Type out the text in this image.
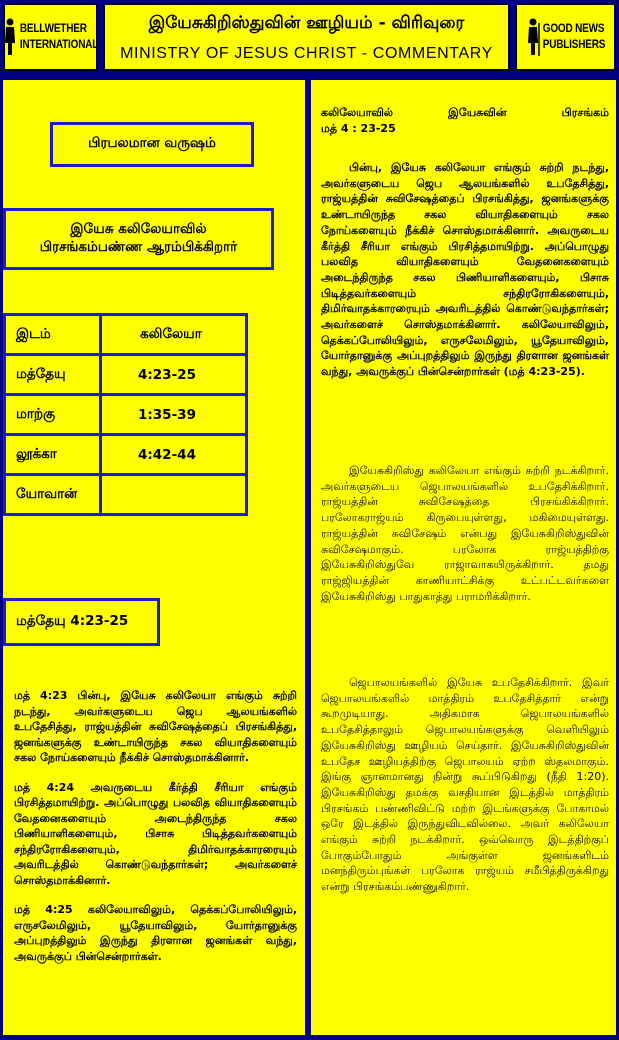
BELLWETHER
INTERNATIONAL
இயேசுகிறிஸ்துவின் ஊழியம் - விரிவுரை
MINISTRY OF JESUS CHRIST - COMMENTARY
GOOD NEWS
PUBLISHERS
பிரபலமான வருஷம்
இயேசு கலிலேயாவில்
பிரசங்கம்பண்ண ஆரம்பிக்கிறார்
இடம்	கலிலேயா
மத்தேயு	4:23-25
மாற்கு	1:35-39
லூக்கா	4:42-44
யோவான்	
மத்தேயு 4:23-25

மத் 4:23 பின்பு, இயேசு கலிலேயா எங்கும் சுற்றி நடந்து, அவர்களுடைய ஜெப ஆலயங்களில் உபதேசித்து, ராஜ்யத்தின் சுவிசேஷத்தைப் பிரசங்கித்து, ஜனங்களுக்கு உண்டாயிருந்த சகல வியாதிகளையும் சகல நோய்களையும் நீக்கிச் சொஸ்தமாக்கினார்.

மத் 4:24 அவருடைய கீர்த்தி சீரியா எங்கும் பிரசித்தமாயிற்று. அப்பொழுது பலவித வியாதிகளையும் வேதனைகளையும் அடைந்திருந்த சகல பிணியாளிகளையும், பிசாசு பிடித்தவர்களையும் சந்திரரோகிகளையும், திமிர்வாதக்காரரையும் அவரிடத்தில் கொண்டுவந்தார்கள்; அவர்களைச் சொஸ்தமாக்கினார்.

மத் 4:25 கலிலேயாவிலும், தெக்கப்போலியிலும், எருசலேமிலும், யூதேயாவிலும், யோர்தானுக்கு அப்புறத்திலும் இருந்து திரளான ஜனங்கள் வந்து, அவருக்குப் பின்சென்றார்கள்.

கலிலேயாவில் இயேசுவின் பிரசங்கம்
மத் 4 : 23-25

பின்பு, இயேசு கலிலேயா எங்கும் சுற்றி நடந்து, அவர்களுடைய ஜெப ஆலயங்களில் உபதேசித்து, ராஜ்யத்தின் சுவிசேஷத்தைப் பிரசங்கித்து, ஜனங்களுக்கு உண்டாயிருந்த சகல வியாதிகளையும் சகல நோய்களையும் நீக்கிச் சொஸ்தமாக்கினார். அவருடைய கீர்த்தி சீரியா எங்கும் பிரசித்தமாயிற்று. அப்பொழுது பலவித வியாதிகளையும் வேதனைகளையும் அடைந்திருந்த சகல பிணியாளிகளையும், பிசாசு பிடித்தவர்களையும் சந்திரரோகிகளையும், திமிர்வாதக்காரரையும் அவரிடத்தில் கொண்டுவந்தார்கள்; அவர்களைச் சொஸ்தமாக்கினார். கலிலேயாவிலும், தெக்கப்போலியிலும், எருசலேமிலும், யூதேயாவிலும், யோர்தானுக்கு அப்புறத்திலும் இருந்து திரளான ஜனங்கள் வந்து, அவருக்குப் பின்சென்றார்கள் (மத் 4:23-25).

இயேசுகிறிஸ்து கலிலேயா எங்கும் சுற்றி நடக்கிறார். அவர்களுடைய ஜெபாலயங்களில் உபதேசிக்கிறார். ராஜ்யத்தின் சுவிசேஷத்தை பிரசங்கிக்கிறார். பரலோகராஜ்யம் கிருபையுள்ளது, மகிமையுள்ளது. ராஜ்யத்தின் சுவிசேஷம் என்பது இயேசுகிறிஸ்துவின் சுவிசேஷமாகும். பரலோக ராஜ்யத்திற்கு இயேசுகிறிஸ்துவே ராஜாவாகயிருக்கிறார். தமது ராஜ்ஜியத்தின் காணியாட்சிக்கு உட்பட்டவர்களை இயேசுகிறிஸ்து பாதுகாத்து பராமரிக்கிறார்.

ஜெபாலயங்களில் இயேசு உபதேசிக்கிறார். இவர் ஜெபாலயங்களில் மாத்திரம் உபதேசித்தார் என்று கூறமுடியாது. அதிகமாக ஜெபாலயங்களில் உபதேசித்தாலும் ஜெபாலயங்களுக்கு வெளியிலும் இயேசுகிறிஸ்து ஊழியம் செய்தார். இயேசுகிறிஸ்துவின் உபதேச ஊழியத்திற்கு ஜெபாலயம் ஏற்ற ஸ்தலமாகும். இங்கு ஞானமானது நின்று கூப்பிடுகிறது (நீதி 1:20). இயேசுகிறிஸ்து தமக்கு வசதியான இடத்தில் மாத்திரம் பிரசங்கம் பண்ணிவிட்டு மற்ற இடங்களுக்கு போகாமல் ஒரே இடத்தில் இருந்துவிடவில்லை. அவர் கலிலேயா எங்கும் சுற்றி நடக்கிறார். ஒவ்வொரு இடத்திற்குப் போகும்போதும் அங்குள்ள ஜனங்களிடம் மனந்திரும்புங்கள் பரலோக ராஜ்யம் சமீபித்திருக்கிறது என்று பிரசங்கம்பண்ணுகிறார்.
